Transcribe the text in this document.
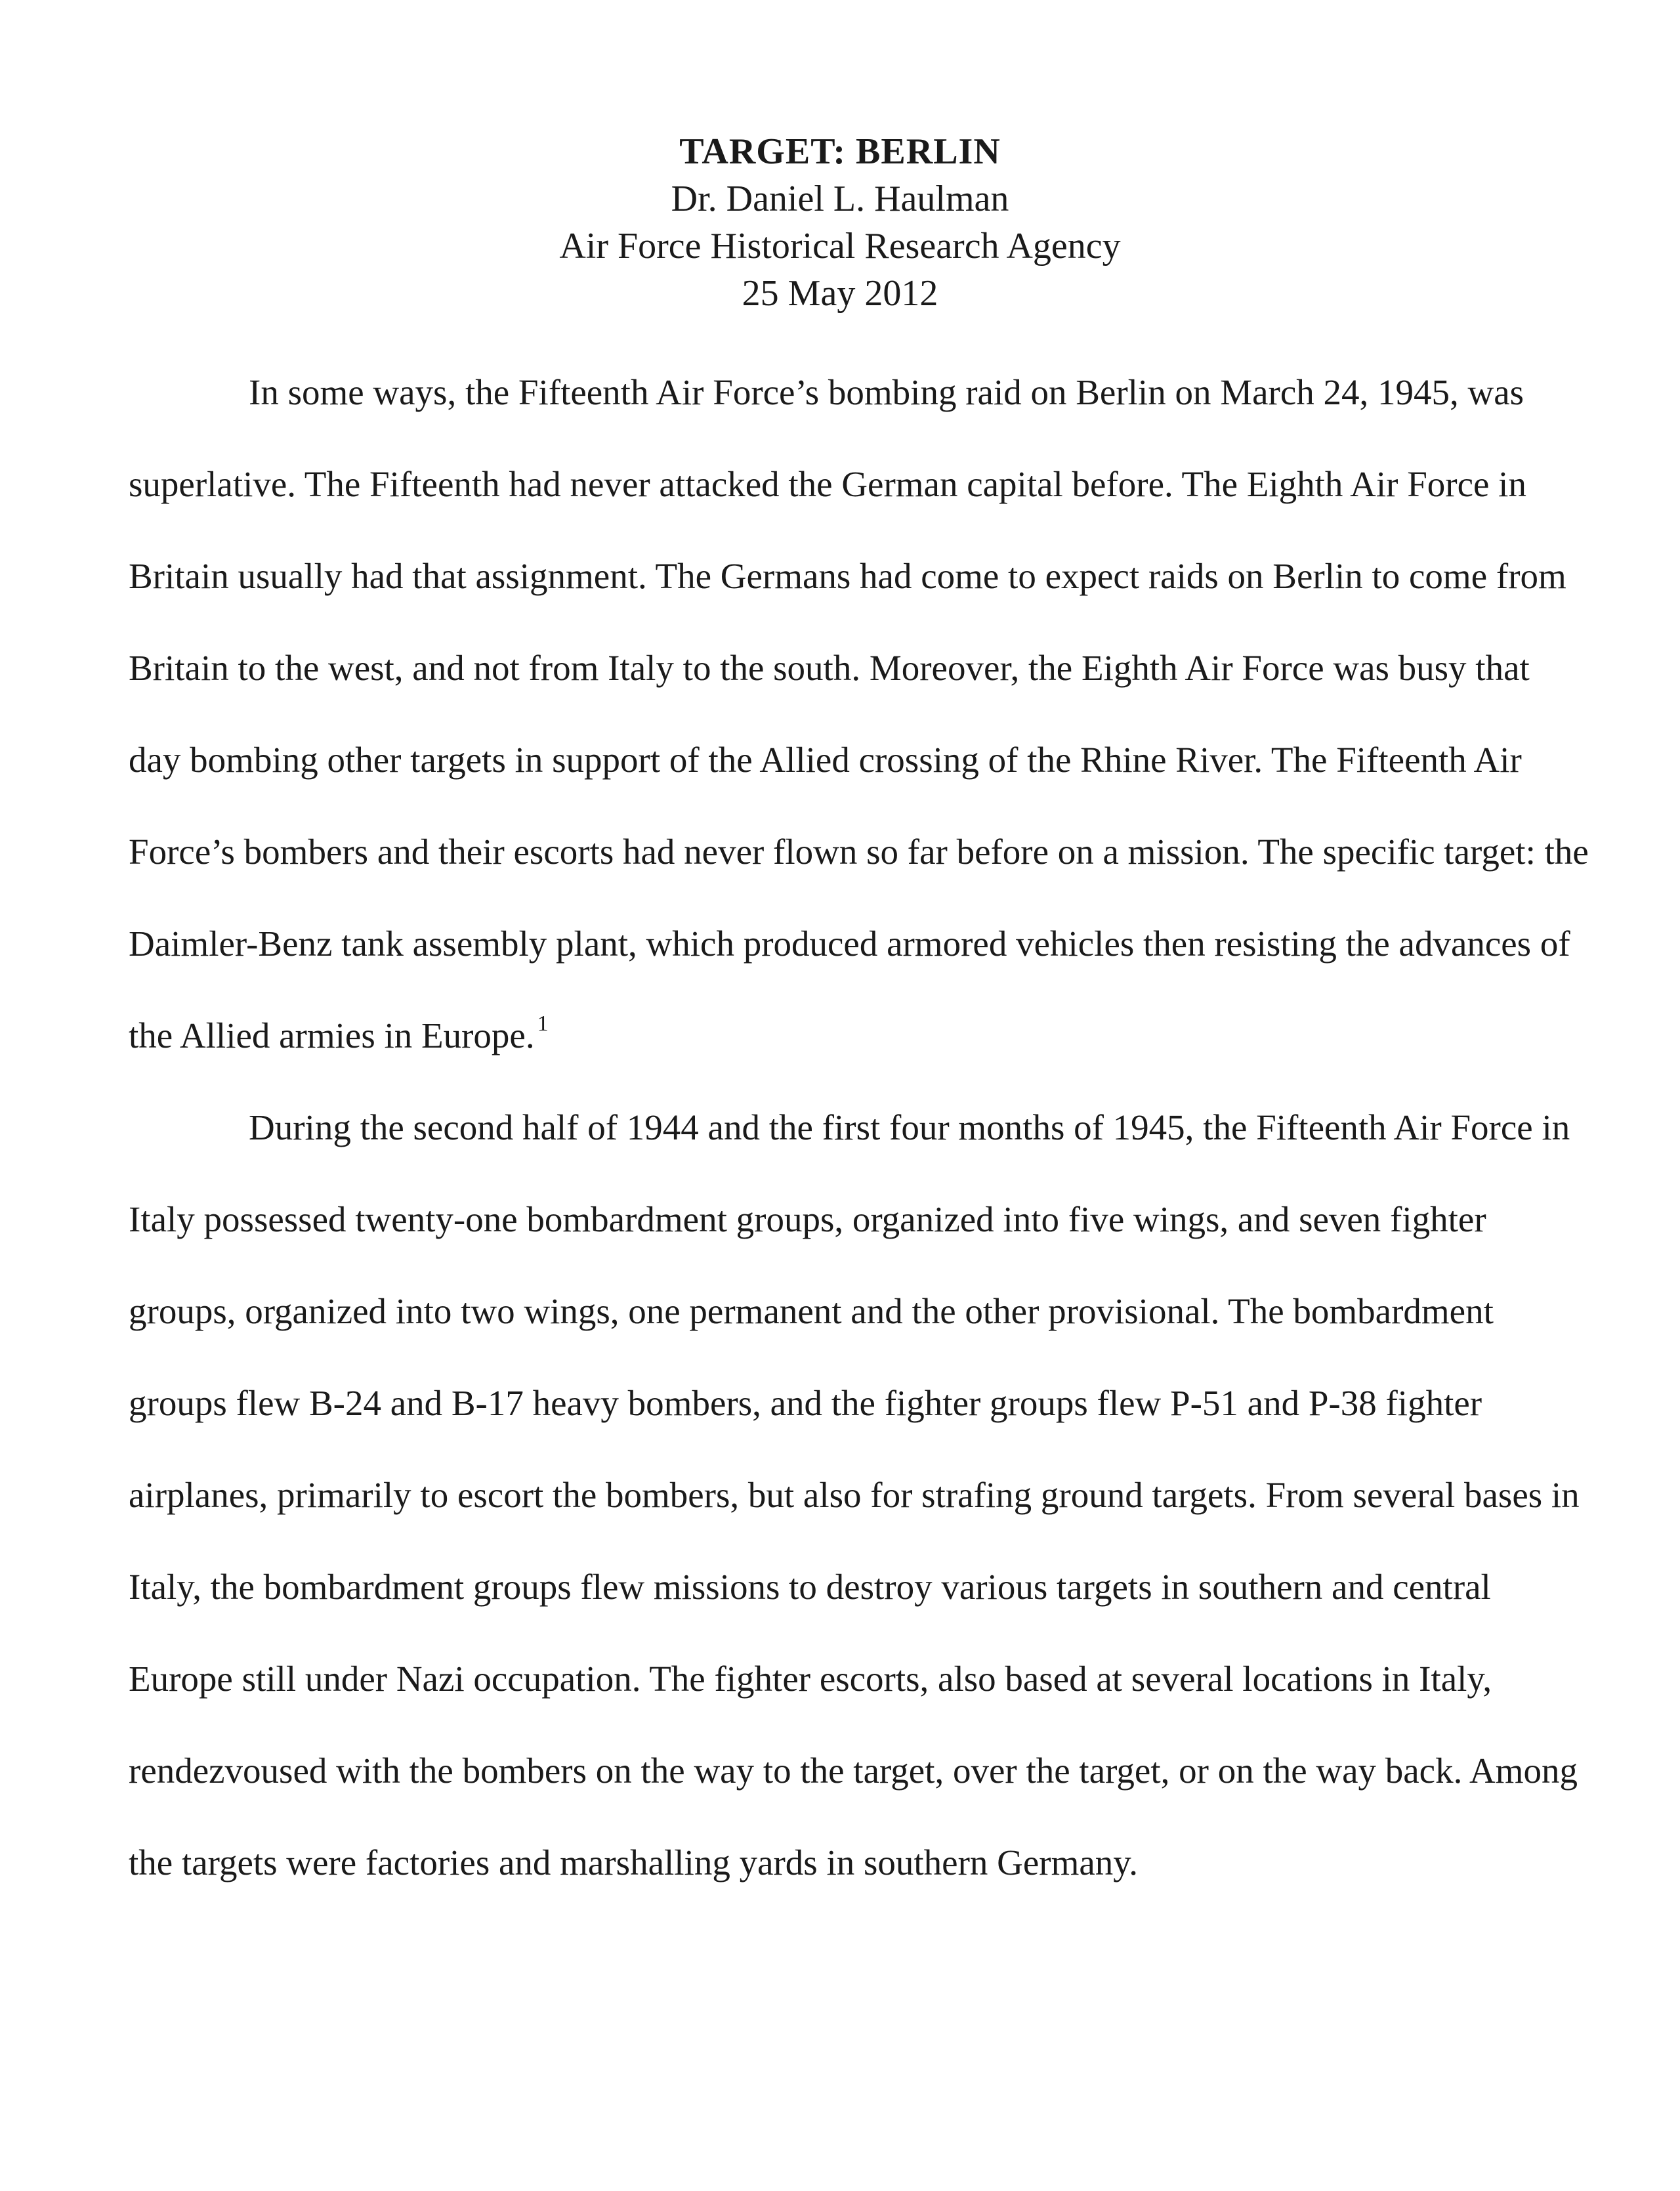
TARGET: BERLIN
Dr. Daniel L. Haulman
Air Force Historical Research Agency
25 May 2012

In some ways, the Fifteenth Air Force’s bombing raid on Berlin on March 24, 1945, was superlative. The Fifteenth had never attacked the German capital before. The Eighth Air Force in Britain usually had that assignment. The Germans had come to expect raids on Berlin to come from Britain to the west, and not from Italy to the south. Moreover, the Eighth Air Force was busy that day bombing other targets in support of the Allied crossing of the Rhine River. The Fifteenth Air Force’s bombers and their escorts had never flown so far before on a mission. The specific target: the Daimler-Benz tank assembly plant, which produced armored vehicles then resisting the advances of the Allied armies in Europe. $^1$

During the second half of 1944 and the first four months of 1945, the Fifteenth Air Force in Italy possessed twenty-one bombardment groups, organized into five wings, and seven fighter groups, organized into two wings, one permanent and the other provisional. The bombardment groups flew B-24 and B-17 heavy bombers, and the fighter groups flew P-51 and P-38 fighter airplanes, primarily to escort the bombers, but also for strafing ground targets. From several bases in Italy, the bombardment groups flew missions to destroy various targets in southern and central Europe still under Nazi occupation. The fighter escorts, also based at several locations in Italy, rendezvoused with the bombers on the way to the target, over the target, or on the way back. Among the targets were factories and marshalling yards in southern Germany.
